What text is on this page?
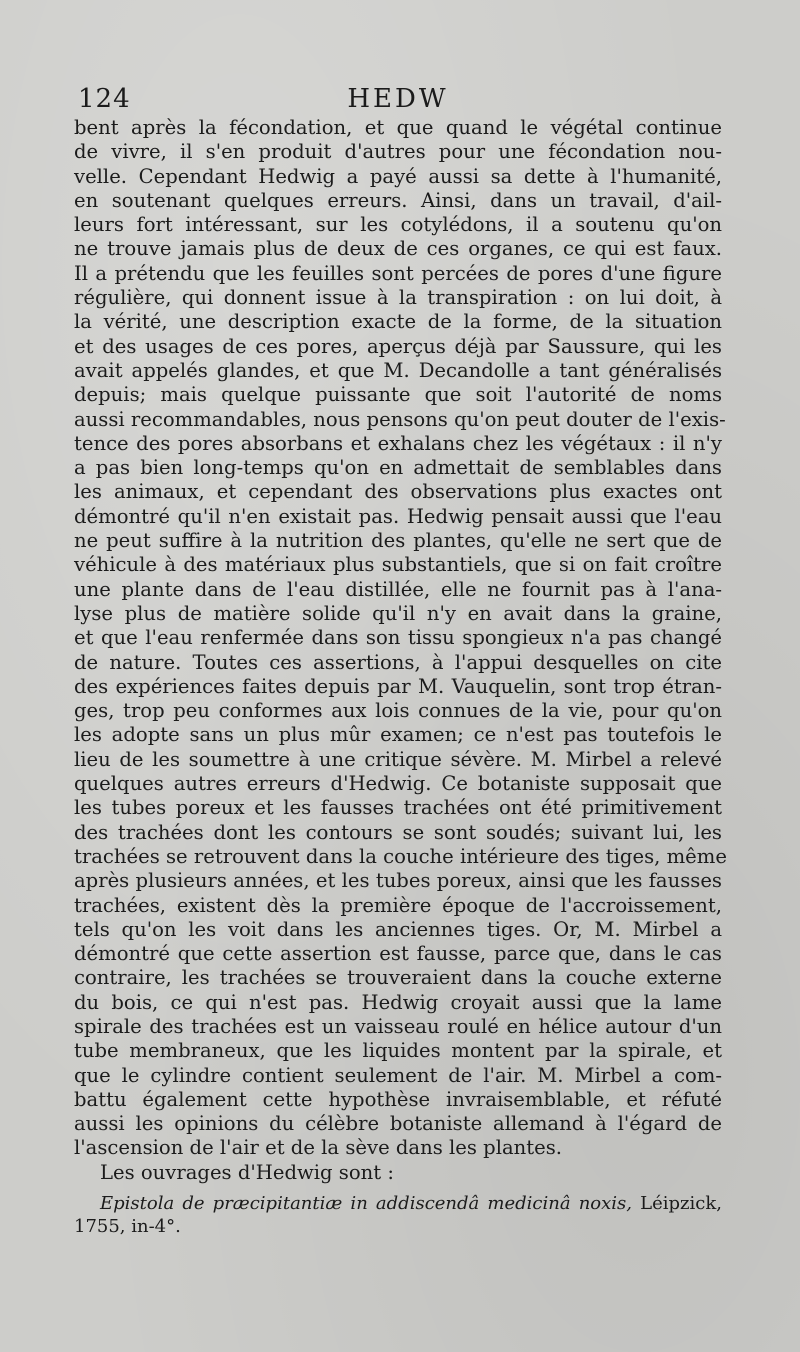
124	HEDW
bent après la fécondation, et que quand le végétal continue
de vivre, il s'en produit d'autres pour une fécondation nou-
velle. Cependant Hedwig a payé aussi sa dette à l'humanité,
en soutenant quelques erreurs. Ainsi, dans un travail, d'ail-
leurs fort intéressant, sur les cotylédons, il a soutenu qu'on
ne trouve jamais plus de deux de ces organes, ce qui est faux.
Il a prétendu que les feuilles sont percées de pores d'une figure
régulière, qui donnent issue à la transpiration : on lui doit, à
la vérité, une description exacte de la forme, de la situation
et des usages de ces pores, aperçus déjà par Saussure, qui les
avait appelés glandes, et que M. Decandolle a tant généralisés
depuis; mais quelque puissante que soit l'autorité de noms
aussi recommandables, nous pensons qu'on peut douter de l'exis-
tence des pores absorbans et exhalans chez les végétaux : il n'y
a pas bien long-temps qu'on en admettait de semblables dans
les animaux, et cependant des observations plus exactes ont
démontré qu'il n'en existait pas. Hedwig pensait aussi que l'eau
ne peut suffire à la nutrition des plantes, qu'elle ne sert que de
véhicule à des matériaux plus substantiels, que si on fait croître
une plante dans de l'eau distillée, elle ne fournit pas à l'ana-
lyse plus de matière solide qu'il n'y en avait dans la graine,
et que l'eau renfermée dans son tissu spongieux n'a pas changé
de nature. Toutes ces assertions, à l'appui desquelles on cite
des expériences faites depuis par M. Vauquelin, sont trop étran-
ges, trop peu conformes aux lois connues de la vie, pour qu'on
les adopte sans un plus mûr examen; ce n'est pas toutefois le
lieu de les soumettre à une critique sévère. M. Mirbel a relevé
quelques autres erreurs d'Hedwig. Ce botaniste supposait que
les tubes poreux et les fausses trachées ont été primitivement
des trachées dont les contours se sont soudés; suivant lui, les
trachées se retrouvent dans la couche intérieure des tiges, même
après plusieurs années, et les tubes poreux, ainsi que les fausses
trachées, existent dès la première époque de l'accroissement,
tels qu'on les voit dans les anciennes tiges. Or, M. Mirbel a
démontré que cette assertion est fausse, parce que, dans le cas
contraire, les trachées se trouveraient dans la couche externe
du bois, ce qui n'est pas. Hedwig croyait aussi que la lame
spirale des trachées est un vaisseau roulé en hélice autour d'un
tube membraneux, que les liquides montent par la spirale, et
que le cylindre contient seulement de l'air. M. Mirbel a com-
battu également cette hypothèse invraisemblable, et réfuté
aussi les opinions du célèbre botaniste allemand à l'égard de
l'ascension de l'air et de la sève dans les plantes.
Les ouvrages d'Hedwig sont :
Epistola de præcipitantiæ in addiscendâ medicinâ noxis, Léipzick,
1755, in-4°.
